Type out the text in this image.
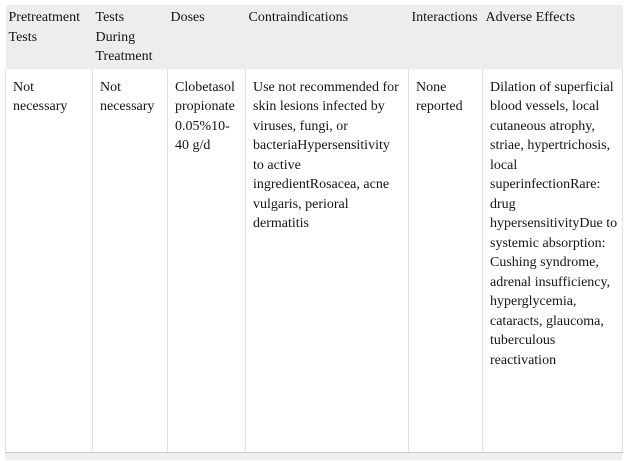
Pretreatment Tests	Tests During Treatment	Doses	Contraindications	Interactions	Adverse Effects
Not necessary	Not necessary	Clobetasol propionate 0.05%10-40 g/d	Use not recommended for skin lesions infected by viruses, fungi, or bacteriaHypersensitivity to active ingredientRosacea, acne vulgaris, perioral dermatitis	None reported	Dilation of superficial blood vessels, local cutaneous atrophy, striae, hypertrichosis, local superinfectionRare: drug hypersensitivityDue to systemic absorption: Cushing syndrome, adrenal insufficiency, hyperglycemia, cataracts, glaucoma, tuberculous reactivation
